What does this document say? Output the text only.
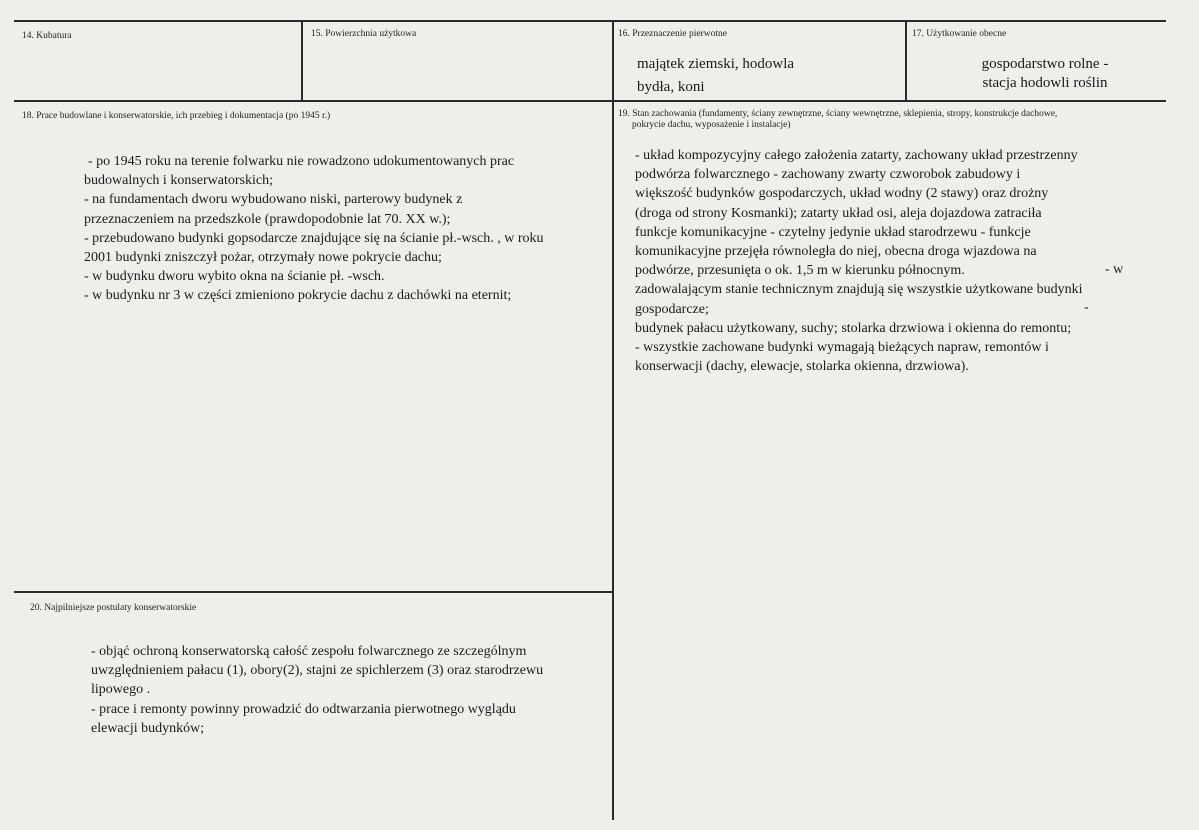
14. Kubatura	15. Powierzchnia użytkowa	16. Przeznaczenie pierwotne
majątek ziemski, hodowla
bydła, koni
17. Użytkowanie obecne
gospodarstwo rolne -
stacja hodowli roślin
18. Prace budowlane i konserwatorskie, ich przebieg i dokumentacja (po 1945 r.)
- po 1945 roku na terenie folwarku nie rowadzono udokumentowanych prac
budowalnych i konserwatorskich;
- na fundamentach dworu wybudowano niski, parterowy budynek z
przeznaczeniem na przedszkole (prawdopodobnie lat 70. XX w.);
- przebudowano budynki gopsodarcze znajdujące się na ścianie pł.-wsch. , w roku
2001 budynki zniszczył pożar, otrzymały nowe pokrycie dachu;
- w budynku dworu wybito okna na ścianie pł. -wsch.
- w budynku nr 3 w części zmieniono pokrycie dachu z dachówki na eternit;
19. Stan zachowania (fundamenty, ściany zewnętrzne, ściany wewnętrzne, sklepienia, stropy, konstrukcje dachowe,
pokrycie dachu, wyposażenie i instalacje)
- układ kompozycyjny całego założenia zatarty, zachowany układ przestrzenny
podwórza folwarcznego - zachowany zwarty czworobok zabudowy i
większość budynków gospodarczych, układ wodny (2 stawy) oraz drożny
(droga od strony Kosmanki); zatarty układ osi, aleja dojazdowa zatraciła
funkcje komunikacyjne - czytelny jedynie układ starodrzewu - funkcje
komunikacyjne przejęła równoległa do niej, obecna droga wjazdowa na
podwórze, przesunięta o ok. 1,5 m w kierunku północnym.
zadowalającym stanie technicznym znajdują się wszystkie użytkowane budynki
gospodarcze;
budynek pałacu użytkowany, suchy; stolarka drzwiowa i okienna do remontu;
- wszystkie zachowane budynki wymagają bieżących napraw, remontów i
konserwacji (dachy, elewacje, stolarka okienna, drzwiowa).
- w
-
20. Najpilniejsze postulaty konserwatorskie
- objąć ochroną konserwatorską całość zespołu folwarcznego ze szczególnym
uwzględnieniem pałacu (1), obory(2), stajni ze spichlerzem (3) oraz starodrzewu
lipowego .
- prace i remonty powinny prowadzić do odtwarzania pierwotnego wyglądu
elewacji budynków;
